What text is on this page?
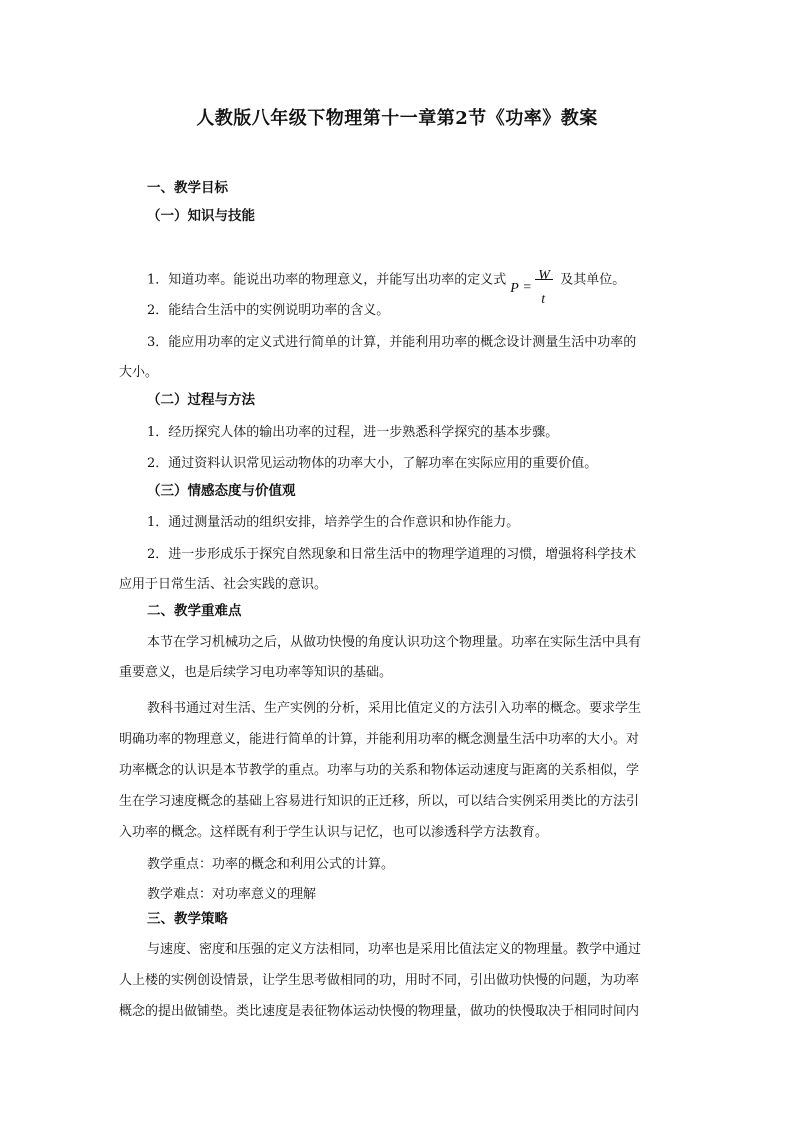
人教版八年级下物理第十一章第2节《功率》教案
一、教学目标
（一）知识与技能
1．知道功率。能说出功率的物理意义，并能写出功率的定义式
P =
W
t
及其单位。
2．能结合生活中的实例说明功率的含义。
3．能应用功率的定义式进行简单的计算，并能利用功率的概念设计测量生活中功率的
大小。
（二）过程与方法
1．经历探究人体的输出功率的过程，进一步熟悉科学探究的基本步骤。
2．通过资料认识常见运动物体的功率大小，了解功率在实际应用的重要价值。
（三）情感态度与价值观
1．通过测量活动的组织安排，培养学生的合作意识和协作能力。
2．进一步形成乐于探究自然现象和日常生活中的物理学道理的习惯，增强将科学技术
应用于日常生活、社会实践的意识。
二、教学重难点
本节在学习机械功之后，从做功快慢的角度认识功这个物理量。功率在实际生活中具有
重要意义，也是后续学习电功率等知识的基础。
教科书通过对生活、生产实例的分析，采用比值定义的方法引入功率的概念。要求学生
明确功率的物理意义，能进行简单的计算，并能利用功率的概念测量生活中功率的大小。对
功率概念的认识是本节教学的重点。功率与功的关系和物体运动速度与距离的关系相似，学
生在学习速度概念的基础上容易进行知识的正迁移，所以，可以结合实例采用类比的方法引
入功率的概念。这样既有利于学生认识与记忆，也可以渗透科学方法教育。
教学重点：功率的概念和利用公式的计算。
教学难点：对功率意义的理解
三、教学策略
与速度、密度和压强的定义方法相同，功率也是采用比值法定义的物理量。教学中通过
人上楼的实例创设情景，让学生思考做相同的功，用时不同，引出做功快慢的问题，为功率
概念的提出做铺垫。类比速度是表征物体运动快慢的物理量，做功的快慢取决于相同时间内
